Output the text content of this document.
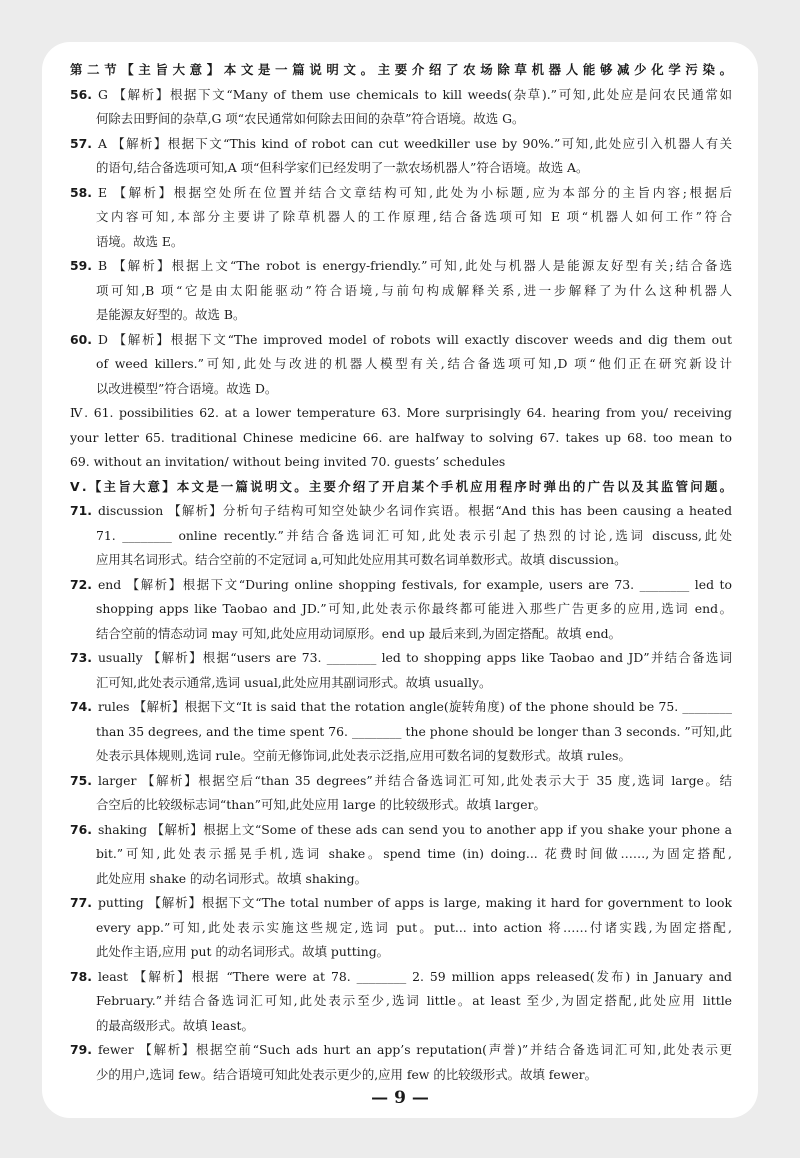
第二节【主旨大意】本文是一篇说明文。主要介绍了农场除草机器人能够减少化学污染。
56. G 【解析】根据下文“Many of them use chemicals to kill weeds(杂草).”可知,此处应是问农民通常如
何除去田野间的杂草,G 项“农民通常如何除去田间的杂草”符合语境。故选 G。
57. A 【解析】根据下文“This kind of robot can cut weedkiller use by 90%.”可知,此处应引入机器人有关
的语句,结合备选项可知,A 项“但科学家们已经发明了一款农场机器人”符合语境。故选 A。
58. E 【解析】根据空处所在位置并结合文章结构可知,此处为小标题,应为本部分的主旨内容;根据后
文内容可知,本部分主要讲了除草机器人的工作原理,结合备选项可知 E 项“机器人如何工作”符合
语境。故选 E。
59. B 【解析】根据上文“The robot is energy-friendly.”可知,此处与机器人是能源友好型有关;结合备选
项可知,B 项“它是由太阳能驱动”符合语境,与前句构成解释关系,进一步解释了为什么这种机器人
是能源友好型的。故选 B。
60. D 【解析】根据下文“The improved model of robots will exactly discover weeds and dig them out
of weed killers.”可知,此处与改进的机器人模型有关,结合备选项可知,D 项“他们正在研究新设计
以改进模型”符合语境。故选 D。
Ⅳ. 61. possibilities 62. at a lower temperature 63. More surprisingly 64. hearing from you/ receiving
your letter 65. traditional Chinese medicine 66. are halfway to solving 67. takes up 68. too mean to
69. without an invitation/ without being invited 70. guests’ schedules
Ⅴ.【主旨大意】本文是一篇说明文。主要介绍了开启某个手机应用程序时弹出的广告以及其监管问题。
71. discussion 【解析】分析句子结构可知空处缺少名词作宾语。根据“And this has been causing a heated
71. ________ online recently.”并结合备选词汇可知,此处表示引起了热烈的讨论,选词 discuss,此处
应用其名词形式。结合空前的不定冠词 a,可知此处应用其可数名词单数形式。故填 discussion。
72. end 【解析】根据下文“During online shopping festivals, for example, users are 73. ________ led to
shopping apps like Taobao and JD.”可知,此处表示你最终都可能进入那些广告更多的应用,选词 end。
结合空前的情态动词 may 可知,此处应用动词原形。end up 最后来到,为固定搭配。故填 end。
73. usually 【解析】根据“users are 73. ________ led to shopping apps like Taobao and JD”并结合备选词
汇可知,此处表示通常,选词 usual,此处应用其副词形式。故填 usually。
74. rules 【解析】根据下文“It is said that the rotation angle(旋转角度) of the phone should be 75. ________
than 35 degrees, and the time spent 76. ________ the phone should be longer than 3 seconds. ”可知,此
处表示具体规则,选词 rule。空前无修饰词,此处表示泛指,应用可数名词的复数形式。故填 rules。
75. larger 【解析】根据空后“than 35 degrees”并结合备选词汇可知,此处表示大于 35 度,选词 large。结
合空后的比较级标志词“than”可知,此处应用 large 的比较级形式。故填 larger。
76. shaking 【解析】根据上文“Some of these ads can send you to another app if you shake your phone a
bit.”可知,此处表示摇晃手机,选词 shake。spend time (in) doing... 花费时间做……,为固定搭配,
此处应用 shake 的动名词形式。故填 shaking。
77. putting 【解析】根据下文“The total number of apps is large, making it hard for government to look
every app.”可知,此处表示实施这些规定,选词 put。put... into action 将……付诸实践,为固定搭配,
此处作主语,应用 put 的动名词形式。故填 putting。
78. least 【解析】根据 “There were at 78. ________ 2. 59 million apps released(发布) in January and
February.”并结合备选词汇可知,此处表示至少,选词 little。at least 至少,为固定搭配,此处应用 little
的最高级形式。故填 least。
79. fewer 【解析】根据空前“Such ads hurt an app’s reputation(声誉)”并结合备选词汇可知,此处表示更
少的用户,选词 few。结合语境可知此处表示更少的,应用 few 的比较级形式。故填 fewer。
— 9 —
